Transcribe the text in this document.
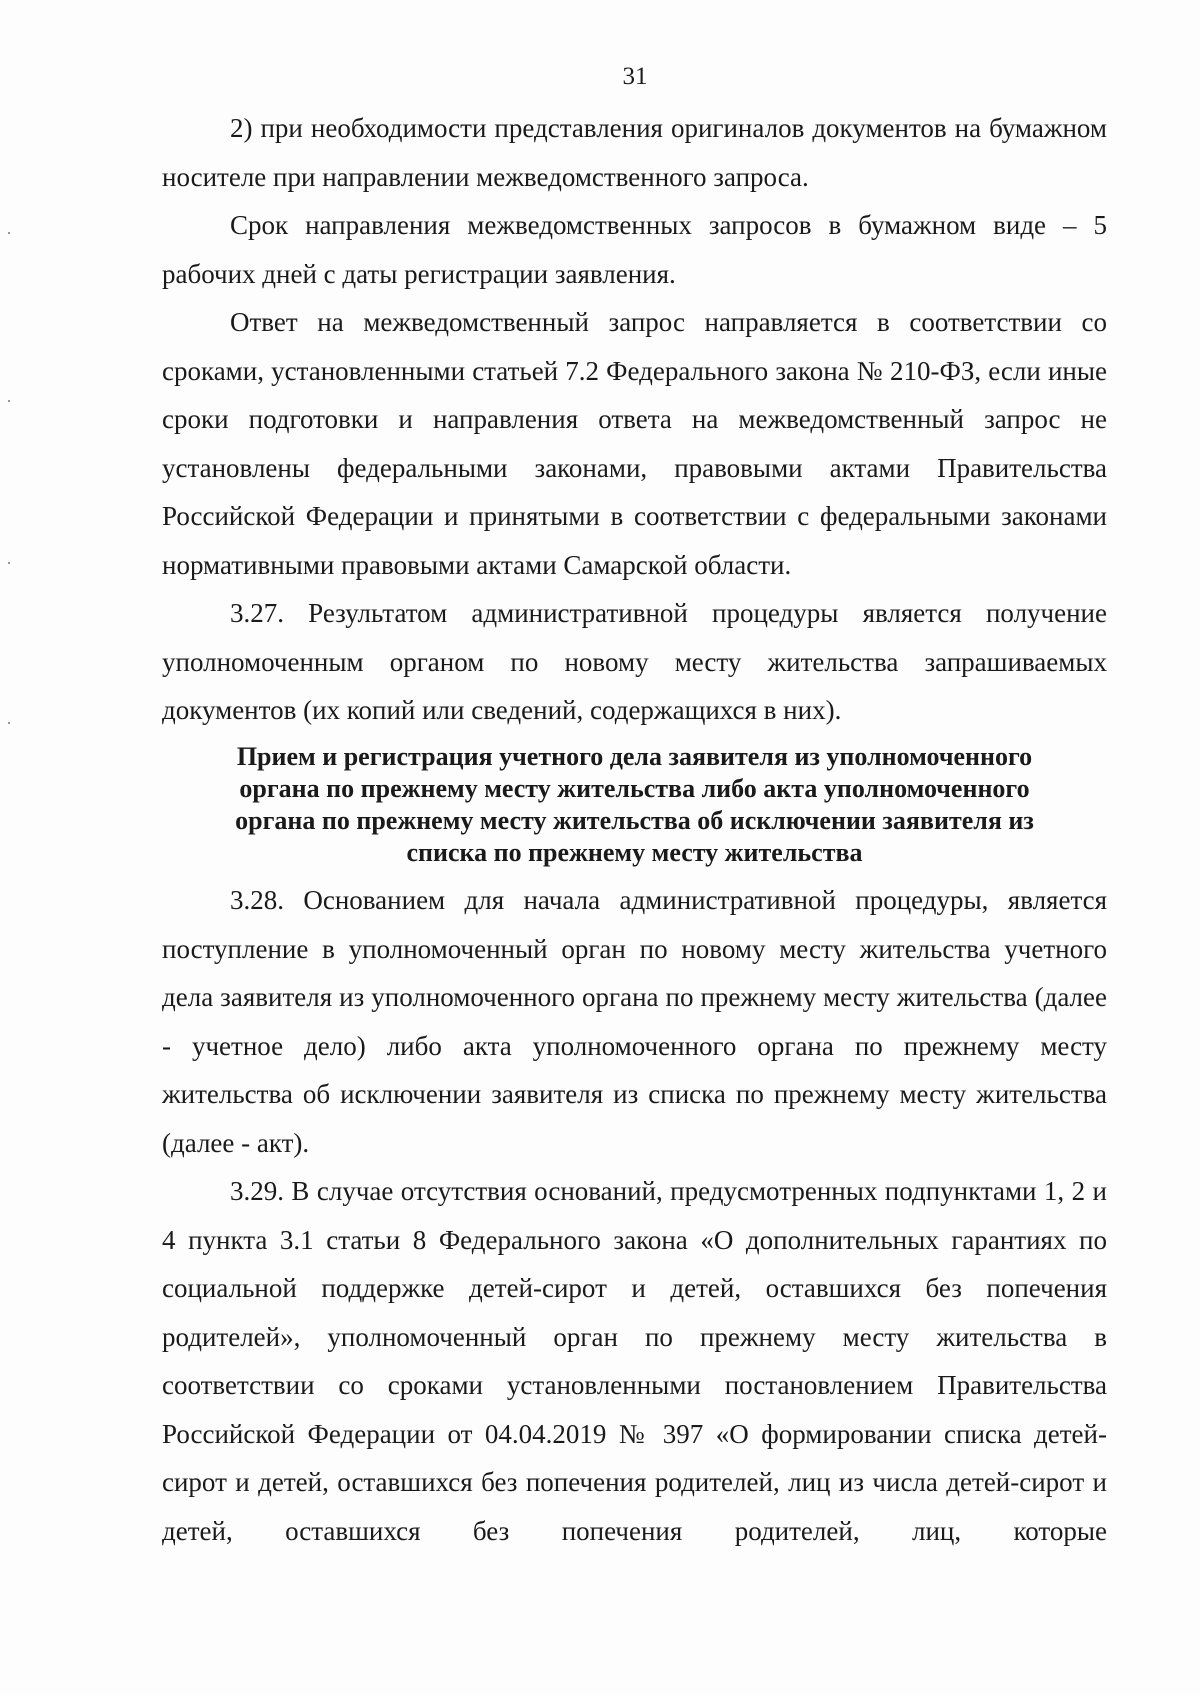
31

2) при необходимости представления оригиналов документов на бумажном носителе при направлении межведомственного запроса.

Срок направления межведомственных запросов в бумажном виде – 5 рабочих дней с даты регистрации заявления.

Ответ на межведомственный запрос направляется в соответствии со сроками, установленными статьей 7.2 Федерального закона № 210-ФЗ, если иные сроки подготовки и направления ответа на межведомственный запрос не установлены федеральными законами, правовыми актами Правительства Российской Федерации и принятыми в соответствии с федеральными законами нормативными правовыми актами Самарской области.

3.27. Результатом административной процедуры является получение уполномоченным органом по новому месту жительства запрашиваемых документов (их копий или сведений, содержащихся в них).

Прием и регистрация учетного дела заявителя из уполномоченного
органа по прежнему месту жительства либо акта уполномоченного
органа по прежнему месту жительства об исключении заявителя из
списка по прежнему месту жительства

3.28. Основанием для начала административной процедуры, является поступление в уполномоченный орган по новому месту жительства учетного дела заявителя из уполномоченного органа по прежнему месту жительства (далее - учетное дело) либо акта уполномоченного органа по прежнему месту жительства об исключении заявителя из списка по прежнему месту жительства (далее - акт).

3.29. В случае отсутствия оснований, предусмотренных подпунктами 1, 2 и 4 пункта 3.1 статьи 8 Федерального закона «О дополнительных гарантиях по социальной поддержке детей-сирот и детей, оставшихся без попечения родителей», уполномоченный орган по прежнему месту жительства в соответствии со сроками установленными постановлением Правительства Российской Федерации от 04.04.2019 № 397 «О формировании списка детей-сирот и детей, оставшихся без попечения родителей, лиц из числа детей-сирот и детей, оставшихся без попечения родителей, лиц, которые
